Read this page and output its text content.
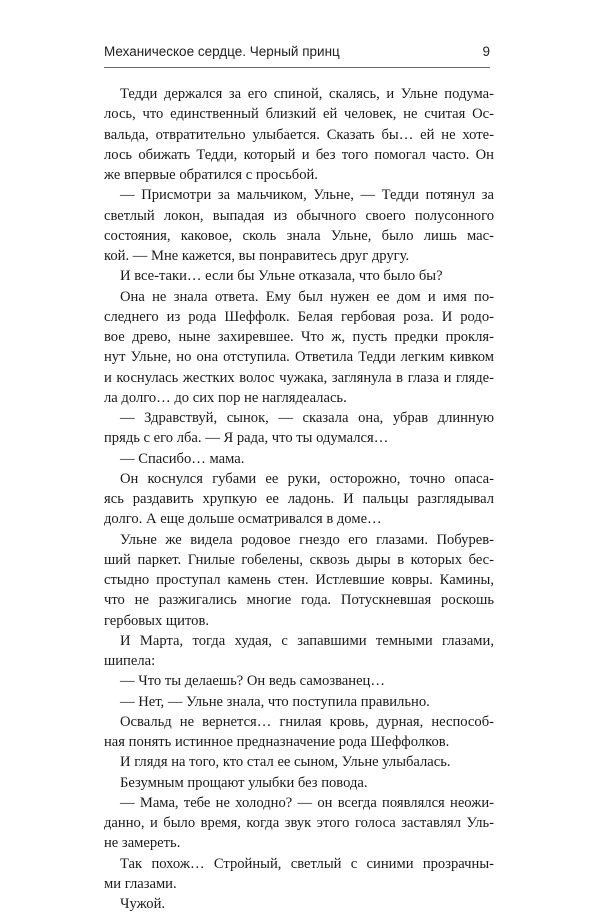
Механическое сердце. Черный принц	9
Тедди держался за его спиной, скалясь, и Ульне подума-
лось, что единственный близкий ей человек, не считая Ос-
вальда, отвратительно улыбается. Сказать бы… ей не хоте-
лось обижать Тедди, который и без того помогал часто. Он
же впервые обратился с просьбой.
— Присмотри за мальчиком, Ульне, — Тедди потянул за
светлый локон, выпадая из обычного своего полусонного
состояния, каковое, сколь знала Ульне, было лишь мас-
кой. — Мне кажется, вы понравитесь друг другу.
И все-таки… если бы Ульне отказала, что было бы?
Она не знала ответа. Ему был нужен ее дом и имя по-
следнего из рода Шеффолк. Белая гербовая роза. И родо-
вое древо, ныне захиревшее. Что ж, пусть предки прокля-
нут Ульне, но она отступила. Ответила Тедди легким кивком
и коснулась жестких волос чужака, заглянула в глаза и гляде-
ла долго… до сих пор не наглядеалась.
— Здравствуй, сынок, — сказала она, убрав длинную
прядь с его лба. — Я рада, что ты одумался…
— Спасибо… мама.
Он коснулся губами ее руки, осторожно, точно опаса-
ясь раздавить хрупкую ее ладонь. И пальцы разглядывал
долго. А еще дольше осматривался в доме…
Ульне же видела родовое гнездо его глазами. Побурев-
ший паркет. Гнилые гобелены, сквозь дыры в которых бес-
стыдно проступал камень стен. Истлевшие ковры. Камины,
что не разжигались многие года. Потускневшая роскошь
гербовых щитов.
И Марта, тогда худая, с запавшими темными глазами,
шипела:
— Что ты делаешь? Он ведь самозванец…
— Нет, — Ульне знала, что поступила правильно.
Освальд не вернется… гнилая кровь, дурная, неспособ-
ная понять истинное предназначение рода Шеффолков.
И глядя на того, кто стал ее сыном, Ульне улыбалась.
Безумным прощают улыбки без повода.
— Мама, тебе не холодно? — он всегда появлялся неожи-
данно, и было время, когда звук этого голоса заставлял Уль-
не замереть.
Так похож… Стройный, светлый с синими прозрачны-
ми глазами.
Чужой.
